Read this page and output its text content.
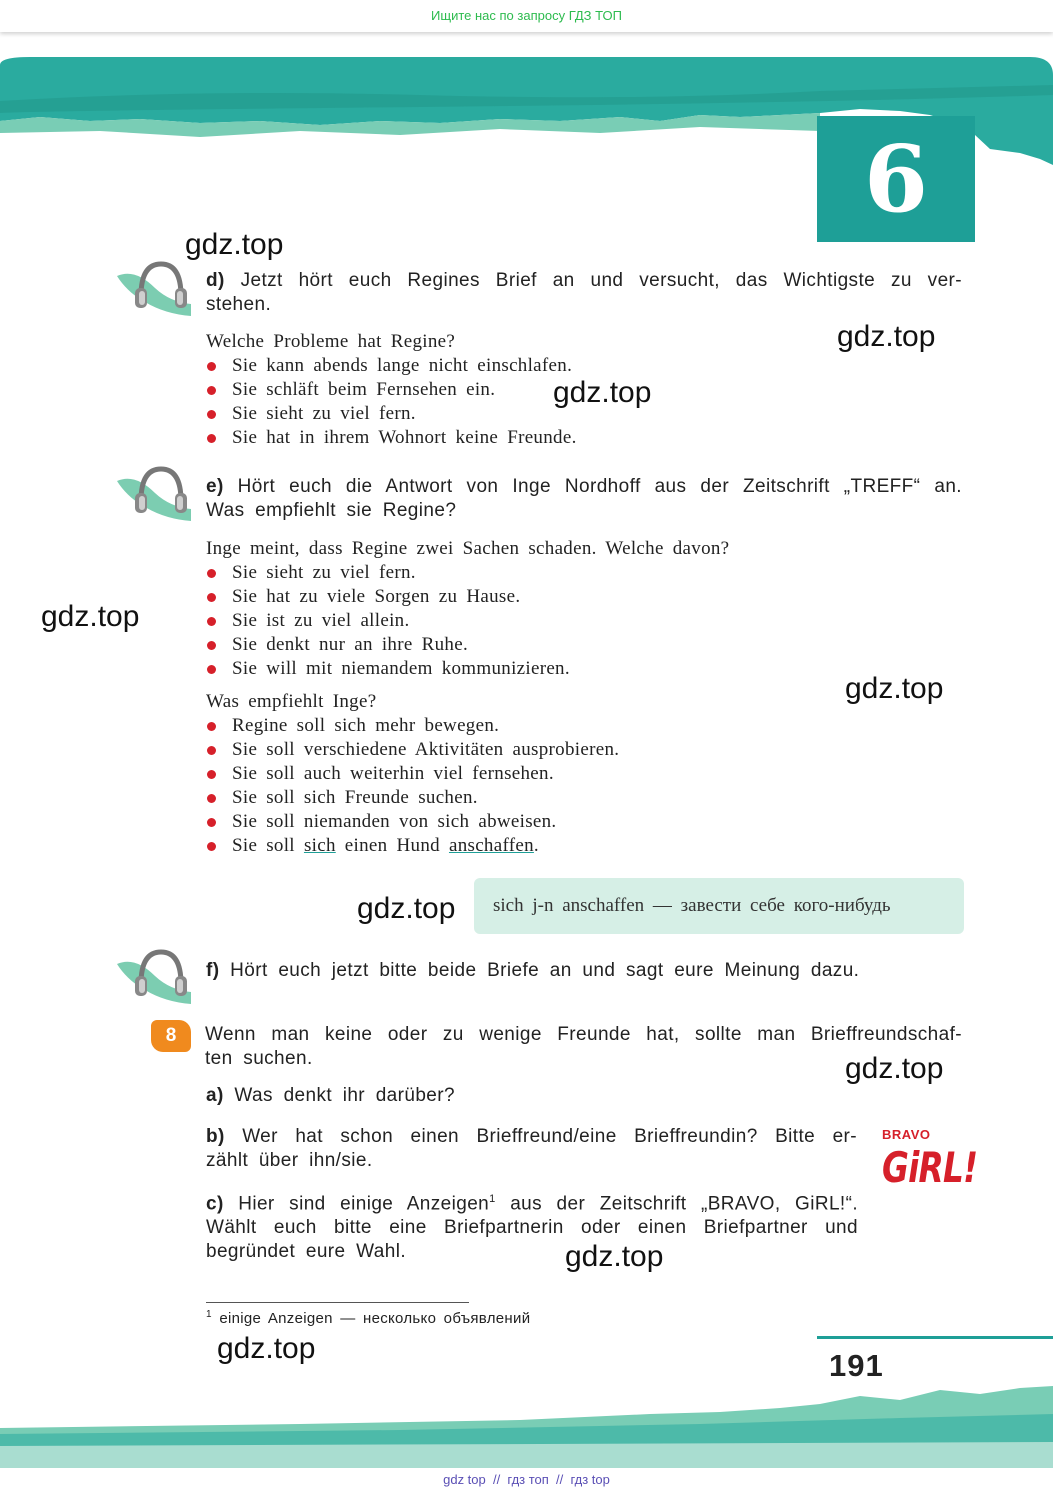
Ищите нас по запросу ГДЗ ТОП
6
gdz.top
gdz.top
gdz.top
gdz.top
gdz.top
gdz.top
gdz.top
gdz.top
gdz.top
d) Jetzt hört euch Regines Brief an und versucht, das Wichtigste zu ver-
stehen.
Welche Probleme hat Regine?
Sie kann abends lange nicht einschlafen.
Sie schläft beim Fernsehen ein.
Sie sieht zu viel fern.
Sie hat in ihrem Wohnort keine Freunde.
e) Hört euch die Antwort von Inge Nordhoff aus der Zeitschrift „TREFF“ an.
Was empfiehlt sie Regine?
Inge meint, dass Regine zwei Sachen schaden. Welche davon?
Sie sieht zu viel fern.
Sie hat zu viele Sorgen zu Hause.
Sie ist zu viel allein.
Sie denkt nur an ihre Ruhe.
Sie will mit niemandem kommunizieren.
Was empfiehlt Inge?
Regine soll sich mehr bewegen.
Sie soll verschiedene Aktivitäten ausprobieren.
Sie soll auch weiterhin viel fernsehen.
Sie soll sich Freunde suchen.
Sie soll niemanden von sich abweisen.
Sie soll sich einen Hund anschaffen.
sich j-n anschaffen — завести себе кого-нибудь
f) Hört euch jetzt bitte beide Briefe an und sagt eure Meinung dazu.
8	Wenn man keine oder zu wenige Freunde hat, sollte man Brieffreundschaf-
ten suchen.
a) Was denkt ihr darüber?
b) Wer hat schon einen Brieffreund/eine Brieffreundin? Bitte er-
zählt über ihn/sie.
c) Hier sind einige Anzeigen$^1$ aus der Zeitschrift „BRAVO, GiRL!“.
Wählt euch bitte eine Briefpartnerin oder einen Briefpartner und
begründet eure Wahl.
BRAVO
GiRL!
$^1$ einige Anzeigen — несколько объявлений
191
gdz top  //  гдз топ  //  гдз top
